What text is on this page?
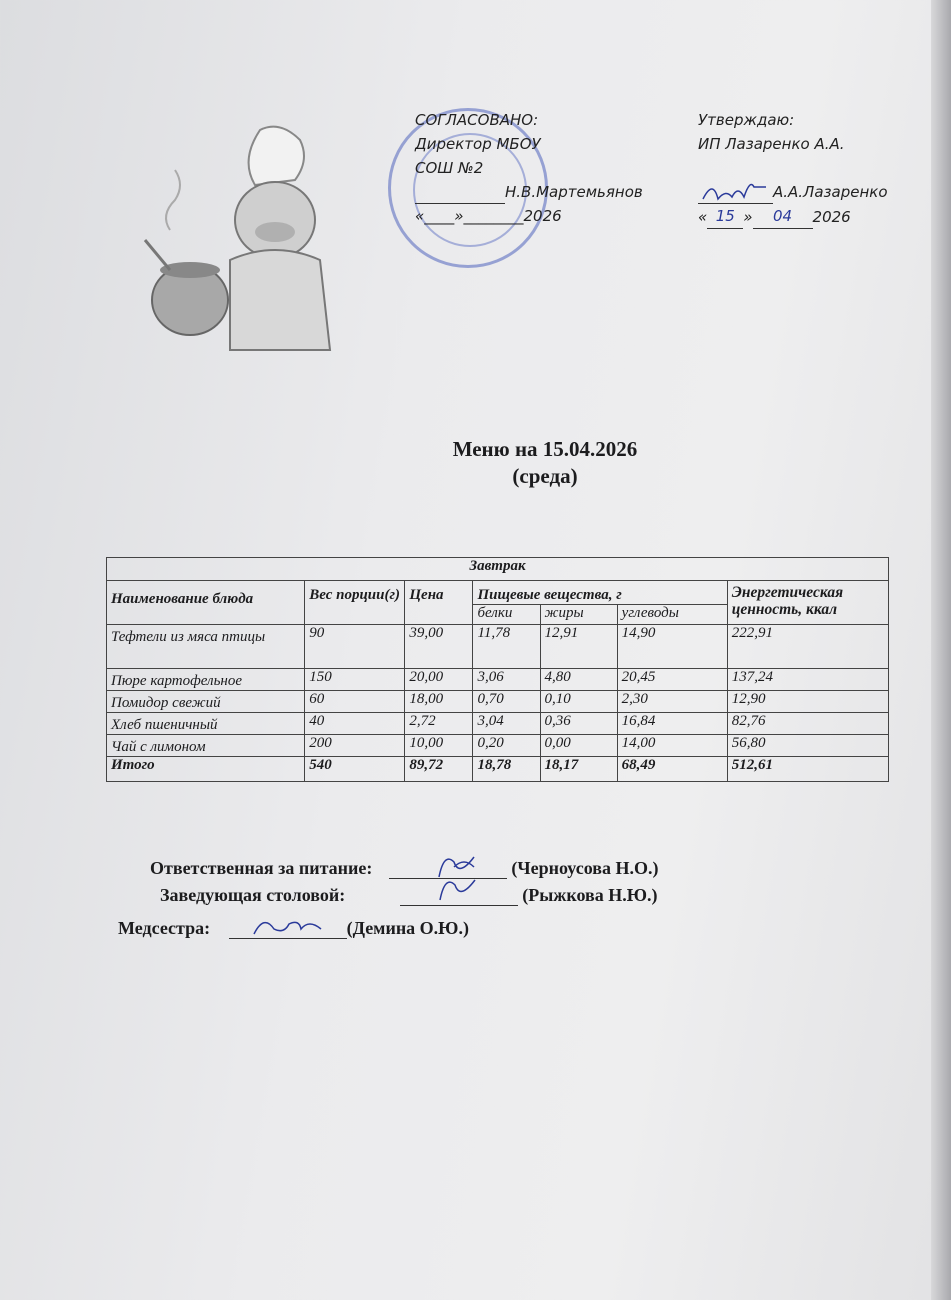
СОГЛАСОВАНО:
Директор МБОУ
СОШ №2
Н.В.Мартемьянов
«____»________2026
Утверждаю:
ИП Лазаренко А.А.

А.А.Лазаренко
« 15 » 04 2026
Меню на 15.04.2026
(среда)
Завтрак						
Наименование блюда	Вес порции(г)	Цена	Пищевые вещества, г			Энергетическая ценность, ккал
			белки	жиры	углеводы	
Тефтели из мяса птицы	90	39,00	11,78	12,91	14,90	222,91
Пюре картофельное	150	20,00	3,06	4,80	20,45	137,24
Помидор свежий	60	18,00	0,70	0,10	2,30	12,90
Хлеб пшеничный	40	2,72	3,04	0,36	16,84	82,76
Чай с лимоном	200	10,00	0,20	0,00	14,00	56,80
Итого	540	89,72	18,78	18,17	68,49	512,61
Ответственная за питание:	(Черноусова Н.О.)
Заведующая столовой:	(Рыжкова Н.Ю.)
Медсестра:	(Демина О.Ю.)
